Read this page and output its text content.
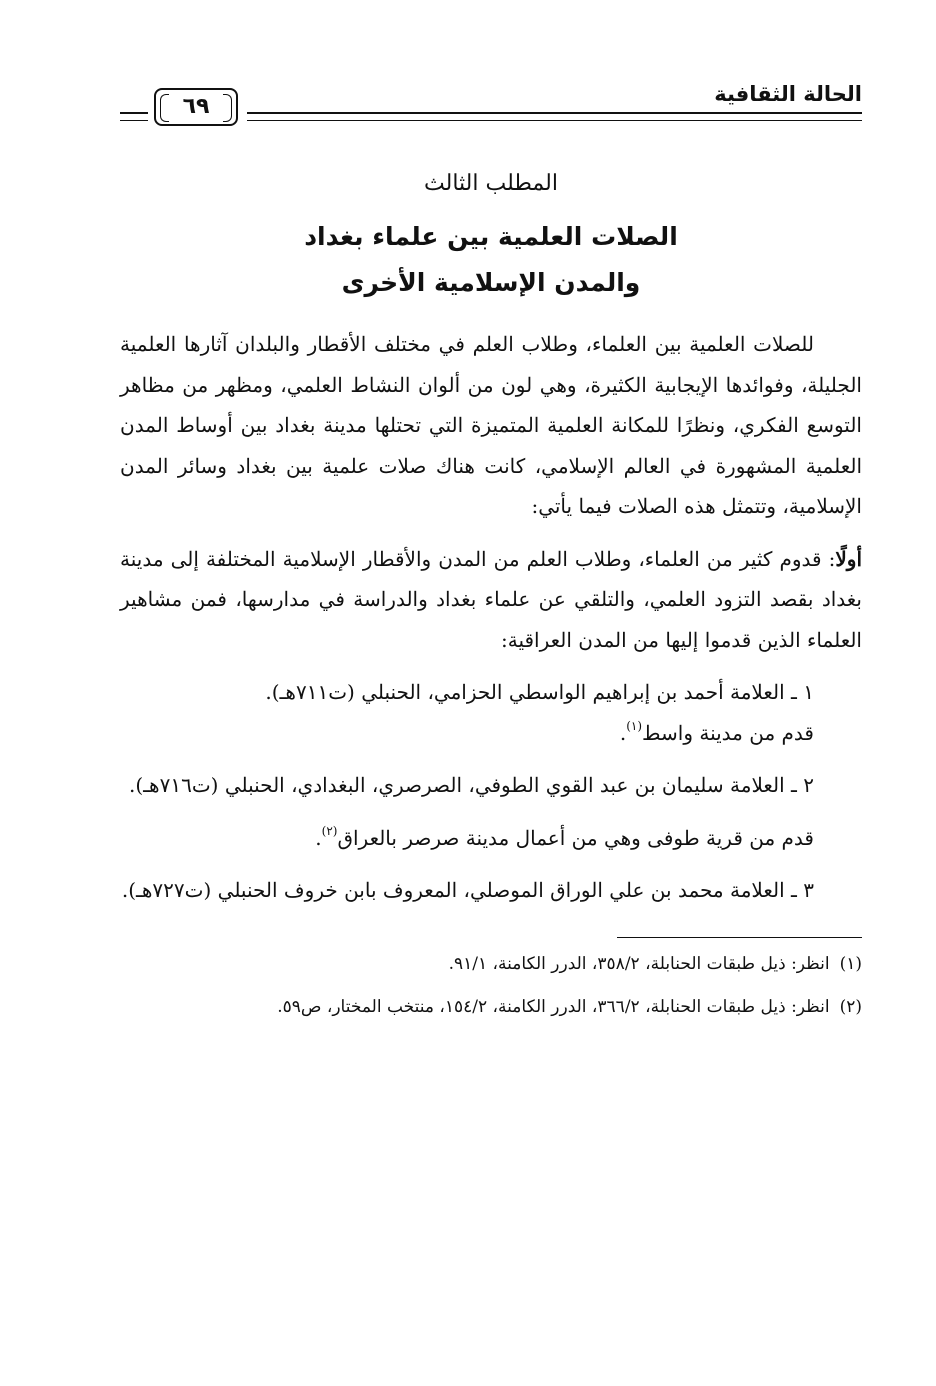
الحالة الثقافية
٦٩
المطلب الثالث
الصلات العلمية بين علماء بغداد
والمدن الإسلامية الأخرى

للصلات العلمية بين العلماء، وطلاب العلم في مختلف الأقطار والبلدان آثارها العلمية الجليلة، وفوائدها الإيجابية الكثيرة، وهي لون من ألوان النشاط العلمي، ومظهر من مظاهر التوسع الفكري، ونظرًا للمكانة العلمية المتميزة التي تحتلها مدينة بغداد بين أوساط المدن العلمية المشهورة في العالم الإسلامي، كانت هناك صلات علمية بين بغداد وسائر المدن الإسلامية، وتتمثل هذه الصلات فيما يأتي:

أولًا: قدوم كثير من العلماء، وطلاب العلم من المدن والأقطار الإسلامية المختلفة إلى مدينة بغداد بقصد التزود العلمي، والتلقي عن علماء بغداد والدراسة في مدارسها، فمن مشاهير العلماء الذين قدموا إليها من المدن العراقية:

١ ـ العلامة أحمد بن إبراهيم الواسطي الحزامي، الحنبلي (ت٧١١هـ).

قدم من مدينة واسط$^{(١)}$.

٢ ـ العلامة سليمان بن عبد القوي الطوفي، الصرصري، البغدادي، الحنبلي (ت٧١٦هـ).

قدم من قرية طوفى وهي من أعمال مدينة صرصر بالعراق$^{(٢)}$.

٣ ـ العلامة محمد بن علي الوراق الموصلي، المعروف بابن خروف الحنبلي (ت٧٢٧هـ).

(١)انظر: ذيل طبقات الحنابلة، ٣٥٨/٢، الدرر الكامنة، ٩١/١.
(٢)انظر: ذيل طبقات الحنابلة، ٣٦٦/٢، الدرر الكامنة، ١٥٤/٢، منتخب المختار، ص٥٩.
